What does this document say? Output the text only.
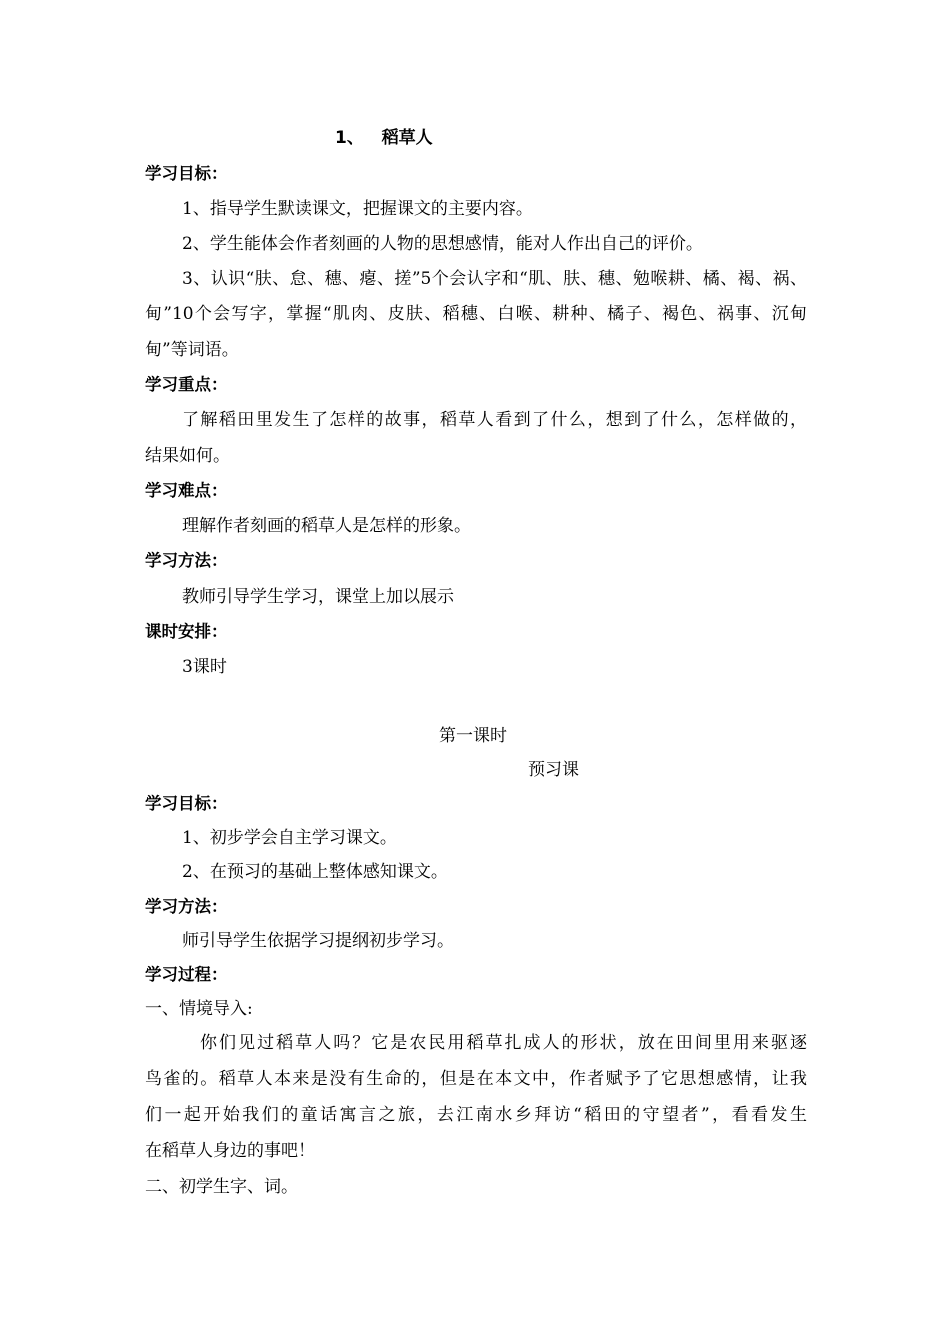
1、 稻草人
学习目标：
1、指导学生默读课文，把握课文的主要内容。
2、学生能体会作者刻画的人物的思想感情，能对人作出自己的评价。
3、认识“肤、怠、穗、瘪、搓”5个会认字和“肌、肤、穗、勉喉耕、橘、褐、祸、
甸”10个会写字，掌握“肌肉、皮肤、稻穗、白喉、耕种、橘子、褐色、祸事、沉甸
甸”等词语。
学习重点：
了解稻田里发生了怎样的故事，稻草人看到了什么，想到了什么，怎样做的，
结果如何。
学习难点：
理解作者刻画的稻草人是怎样的形象。
学习方法：
教师引导学生学习，课堂上加以展示
课时安排：
3课时
第一课时
预习课
学习目标：
1、初步学会自主学习课文。
2、在预习的基础上整体感知课文。
学习方法：
师引导学生依据学习提纲初步学习。
学习过程：
一、情境导入:
你们见过稻草人吗？它是农民用稻草扎成人的形状，放在田间里用来驱逐
鸟雀的。稻草人本来是没有生命的，但是在本文中，作者赋予了它思想感情，让我
们一起开始我们的童话寓言之旅，去江南水乡拜访“稻田的守望者”，看看发生
在稻草人身边的事吧！
二、初学生字、词。
